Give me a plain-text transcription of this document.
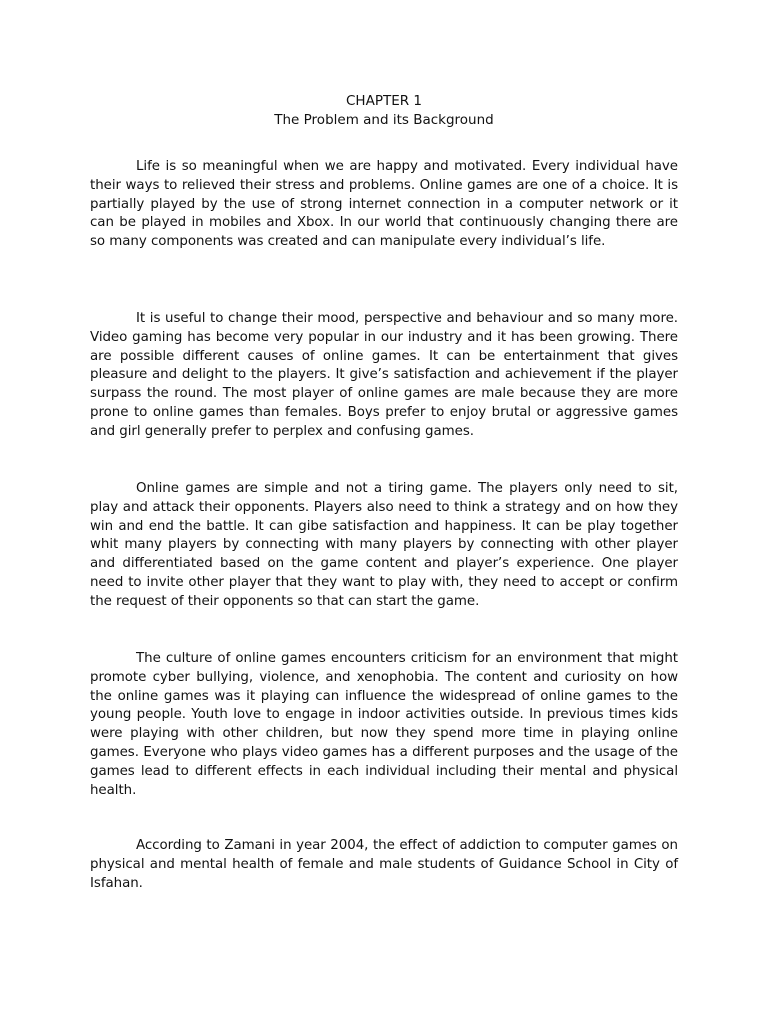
CHAPTER 1

The Problem and its Background

Life is so meaningful when we are happy and motivated. Every individual have their ways to relieved their stress and problems. Online games are one of a choice. It is partially played by the use of strong internet connection in a computer network or it can be played in mobiles and Xbox. In our world that continuously changing there are so many components was created and can manipulate every individual’s life.

It is useful to change their mood, perspective and behaviour and so many more. Video gaming has become very popular in our industry and it has been growing. There are possible different causes of online games. It can be entertainment that gives pleasure and delight to the players. It give’s satisfaction and achievement if the player surpass the round. The most player of online games are male because they are more prone to online games than females. Boys prefer to enjoy brutal or aggressive games and girl generally prefer to perplex and confusing games.

Online games are simple and not a tiring game. The players only need to sit, play and attack their opponents. Players also need to think a strategy and on how they win and end the battle. It can gibe satisfaction and happiness. It can be play together whit many players by connecting with many players by connecting with other player and differentiated based on the game content and player’s experience. One player need to invite other player that they want to play with, they need to accept or confirm the request of their opponents so that can start the game.

The culture of online games encounters criticism for an environment that might promote cyber bullying, violence, and xenophobia. The content and curiosity on how the online games was it playing can influence the widespread of online games to the young people. Youth love to engage in indoor activities outside. In previous times kids were playing with other children, but now they spend more time in playing online games. Everyone who plays video games has a different purposes and the usage of the games lead to different effects in each individual including their mental and physical health.

According to Zamani in year 2004, the effect of addiction to computer games on physical and mental health of female and male students of Guidance School in City of Isfahan.
